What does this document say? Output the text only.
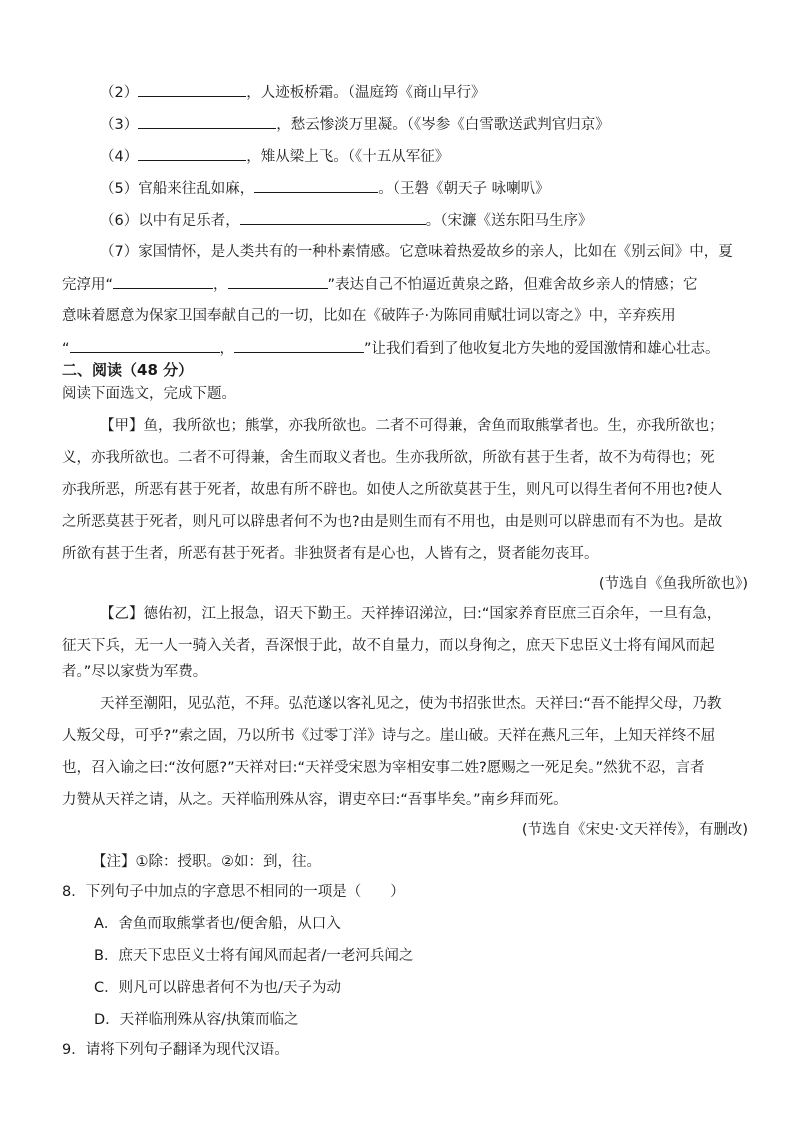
（2）	，人迹板桥霜。（温庭筠《商山早行》
（3）	，愁云惨淡万里凝。（《岑参《白雪歌送武判官归京》
（4）	，雉从梁上飞。（《十五从军征》
（5）官船来往乱如麻，	。（王磐《朝天子 咏喇叭》
（6）以中有足乐者，	。（宋濂《送东阳马生序》
（7）家国情怀，是人类共有的一种朴素情感。它意味着热爱故乡的亲人，比如在《别云间》中，夏
完淳用“	，	”表达自己不怕逼近黄泉之路，但难舍故乡亲人的情感；它
意味着愿意为保家卫国奉献自己的一切，比如在《破阵子·为陈同甫赋壮词以寄之》中，辛弃疾用
“	，	”让我们看到了他收复北方失地的爱国激情和雄心壮志。
二、阅读（48 分）
阅读下面选文，完成下题。
【甲】鱼，我所欲也；熊掌，亦我所欲也。二者不可得兼，舍鱼而取熊掌者也。生，亦我所欲也；
义，亦我所欲也。二者不可得兼，舍生而取义者也。生亦我所欲，所欲有甚于生者，故不为苟得也；死
亦我所恶，所恶有甚于死者，故患有所不辟也。如使人之所欲莫甚于生，则凡可以得生者何不用也?使人
之所恶莫甚于死者，则凡可以辟患者何不为也?由是则生而有不用也，由是则可以辟患而有不为也。是故
所欲有甚于生者，所恶有甚于死者。非独贤者有是心也，人皆有之，贤者能勿丧耳。
(节选自《鱼我所欲也》)
【乙】德佑初，江上报急，诏天下勤王。天祥捧诏涕泣，曰:“国家养育臣庶三百余年，一旦有急，
征天下兵，无一人一骑入关者，吾深恨于此，故不自量力，而以身徇之，庶天下忠臣义士将有闻风而起
者。”尽以家赀为军费。
天祥至潮阳，见弘范，不拜。弘范遂以客礼见之，使为书招张世杰。天祥曰:“吾不能捍父母，乃教
人叛父母，可乎?”索之固，乃以所书《过零丁洋》诗与之。崖山破。天祥在燕凡三年，上知天祥终不屈
也，召入谕之曰:“汝何愿?”天祥对曰:“天祥受宋恩为宰相安事二姓?愿赐之一死足矣。”然犹不忍，言者
力赞从天祥之请，从之。天祥临刑殊从容，谓吏卒曰:“吾事毕矣。”南乡拜而死。
(节选自《宋史·文天祥传》，有删改)
【注】①除：授职。②如：到，往。
8．下列句子中加点的字意思不相同的一项是（　　）
A．舍鱼而取熊掌者也/便舍船，从口入
B．庶天下忠臣义士将有闻风而起者/一老河兵闻之
C．则凡可以辟患者何不为也/天子为动
D．天祥临刑殊从容/执策而临之
9．请将下列句子翻译为现代汉语。
